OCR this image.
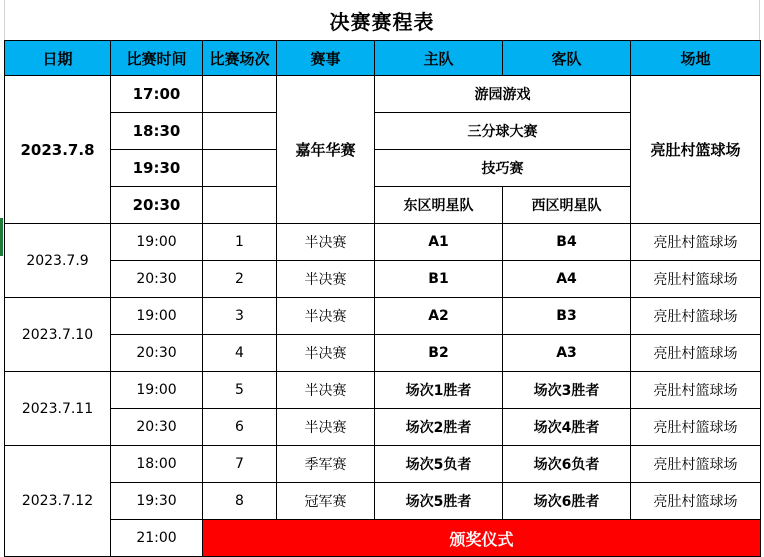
决赛赛程表
日期	比赛时间	比赛场次	赛事	主队	客队	场地
2023.7.8	17:00		嘉年华赛	游园游戏		亮肚村篮球场
	18:30			三分球大赛		
	19:30			技巧赛		
	20:30			东区明星队	西区明星队	
2023.7.9	19:00	1	半决赛	A1	B4	亮肚村篮球场
	20:30	2	半决赛	B1	A4	亮肚村篮球场
2023.7.10	19:00	3	半决赛	A2	B3	亮肚村篮球场
	20:30	4	半决赛	B2	A3	亮肚村篮球场
2023.7.11	19:00	5	半决赛	场次1胜者	场次3胜者	亮肚村篮球场
	20:30	6	半决赛	场次2胜者	场次4胜者	亮肚村篮球场
2023.7.12	18:00	7	季军赛	场次5负者	场次6负者	亮肚村篮球场
	19:30	8	冠军赛	场次5胜者	场次6胜者	亮肚村篮球场
	21:00	颁奖仪式				
